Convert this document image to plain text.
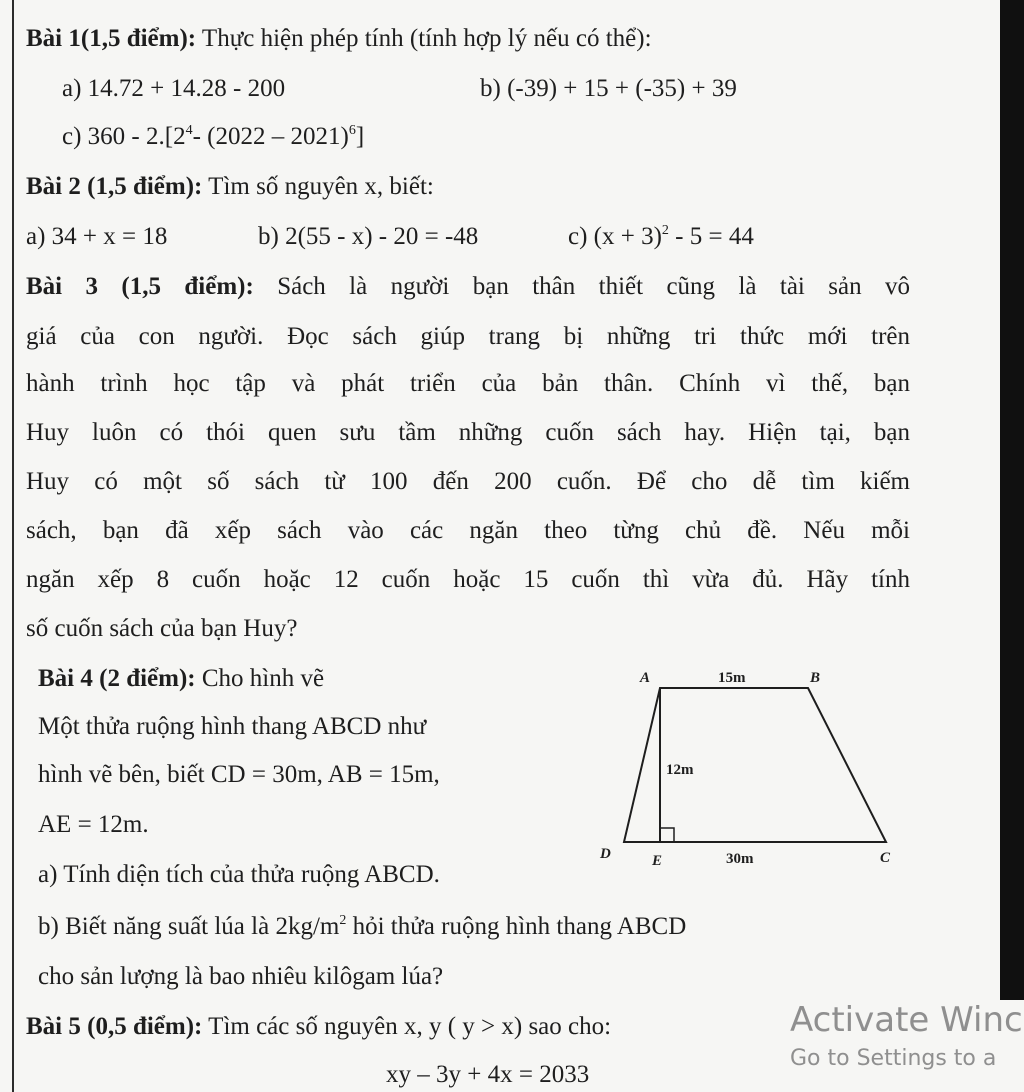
Bài 1(1,5 điểm): Thực hiện phép tính (tính hợp lý nếu có thể):
a) 14.72 + 14.28 - 200	b) (-39) + 15 + (-35) + 39
c) $360 - 2.[2^4-$ (2022 – 2021)$^6$]
Bài 2 (1,5 điểm): Tìm số nguyên x, biết:
a) 34 + x = 18	b) 2(55 - x) - 20 = -48	c) $(x + 3)^2 - 5 = 44$
Bài 3 (1,5 điểm): Sách là người bạn thân thiết cũng là tài sản vô
giá của con người. Đọc sách giúp trang bị những tri thức mới trên
hành trình học tập và phát triển của bản thân. Chính vì thế, bạn
Huy luôn có thói quen sưu tầm những cuốn sách hay. Hiện tại, bạn
Huy có một số sách từ 100 đến 200 cuốn. Để cho dễ tìm kiếm
sách, bạn đã xếp sách vào các ngăn theo từng chủ đề. Nếu mỗi
ngăn xếp 8 cuốn hoặc 12 cuốn hoặc 15 cuốn thì vừa đủ. Hãy tính
số cuốn sách của bạn Huy?
Bài 4 (2 điểm): Cho hình vẽ
Một thửa ruộng hình thang ABCD như
hình vẽ bên, biết CD = 30m, AB = 15m,
AE = 12m.
a) Tính diện tích của thửa ruộng ABCD.
b) Biết năng suất lúa là $2kg/m^2$ hỏi thửa ruộng hình thang ABCD
cho sản lượng là bao nhiêu kilôgam lúa?
A	B
C
D	E
15m
12m
30m
Bài 5 (0,5 điểm): Tìm các số nguyên x, y ( y > x) sao cho:
xy – 3y + 4x = 2033
Activate Winc
Go to Settings to a
